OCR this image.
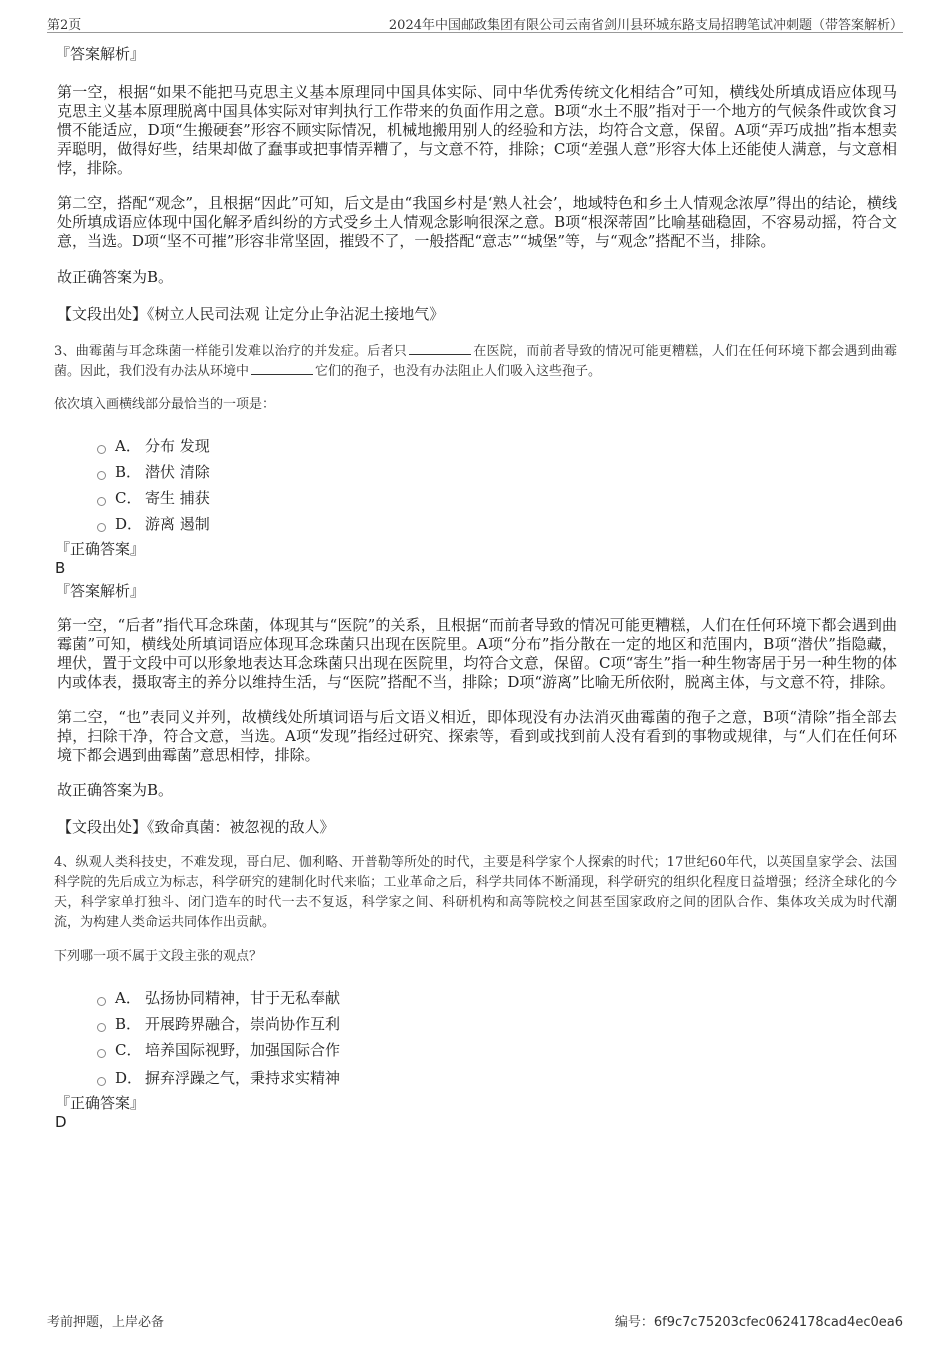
第2页	2024年中国邮政集团有限公司云南省剑川县环城东路支局招聘笔试冲刺题（带答案解析）

『答案解析』

第一空，根据“如果不能把马克思主义基本原理同中国具体实际、同中华优秀传统文化相结合”可知，横线处所填成语应体现马克思主义基本原理脱离中国具体实际对审判执行工作带来的负面作用之意。B项“水土不服”指对于一个地方的气候条件或饮食习惯不能适应，D项“生搬硬套”形容不顾实际情况，机械地搬用别人的经验和方法，均符合文意，保留。A项“弄巧成拙”指本想卖弄聪明，做得好些，结果却做了蠢事或把事情弄糟了，与文意不符，排除；C项“差强人意”形容大体上还能使人满意，与文意相悖，排除。

第二空，搭配“观念”，且根据“因此”可知，后文是由“我国乡村是‘熟人社会’，地域特色和乡土人情观念浓厚”得出的结论，横线处所填成语应体现中国化解矛盾纠纷的方式受乡土人情观念影响很深之意。B项“根深蒂固”比喻基础稳固，不容易动摇，符合文意，当选。D项“坚不可摧”形容非常坚固，摧毁不了，一般搭配“意志”“城堡”等，与“观念”搭配不当，排除。

故正确答案为B。

【文段出处】《树立人民司法观 让定分止争沾泥土接地气》

3、曲霉菌与耳念珠菌一样能引发难以治疗的并发症。后者只	在医院，而前者导致的情况可能更糟糕，人们在任何环境下都会遇到曲霉菌。因此，我们没有办法从环境中	它们的孢子，也没有办法阻止人们吸入这些孢子。

依次填入画横线部分最恰当的一项是：

A． 分布 发现
B． 潜伏 清除
C． 寄生 捕获
D． 游离 遏制

『正确答案』

B

『答案解析』

第一空，“后者”指代耳念珠菌，体现其与“医院”的关系，且根据“而前者导致的情况可能更糟糕，人们在任何环境下都会遇到曲霉菌”可知，横线处所填词语应体现耳念珠菌只出现在医院里。A项“分布”指分散在一定的地区和范围内，B项“潜伏”指隐藏，埋伏，置于文段中可以形象地表达耳念珠菌只出现在医院里，均符合文意，保留。C项“寄生”指一种生物寄居于另一种生物的体内或体表，摄取寄主的养分以维持生活，与“医院”搭配不当，排除；D项“游离”比喻无所依附，脱离主体，与文意不符，排除。

第二空，“也”表同义并列，故横线处所填词语与后文语义相近，即体现没有办法消灭曲霉菌的孢子之意，B项“清除”指全部去掉，扫除干净，符合文意，当选。A项“发现”指经过研究、探索等，看到或找到前人没有看到的事物或规律，与“人们在任何环境下都会遇到曲霉菌”意思相悖，排除。

故正确答案为B。

【文段出处】《致命真菌：被忽视的敌人》

4、纵观人类科技史，不难发现，哥白尼、伽利略、开普勒等所处的时代，主要是科学家个人探索的时代；17世纪60年代，以英国皇家学会、法国科学院的先后成立为标志，科学研究的建制化时代来临；工业革命之后，科学共同体不断涌现，科学研究的组织化程度日益增强；经济全球化的今天，科学家单打独斗、闭门造车的时代一去不复返，科学家之间、科研机构和高等院校之间甚至国家政府之间的团队合作、集体攻关成为时代潮流，为构建人类命运共同体作出贡献。

下列哪一项不属于文段主张的观点？

A． 弘扬协同精神，甘于无私奉献
B． 开展跨界融合，崇尚协作互利
C． 培养国际视野，加强国际合作
D． 摒弃浮躁之气，秉持求实精神

『正确答案』

D

考前押题，上岸必备	编号：6f9c7c75203cfec0624178cad4ec0ea6
